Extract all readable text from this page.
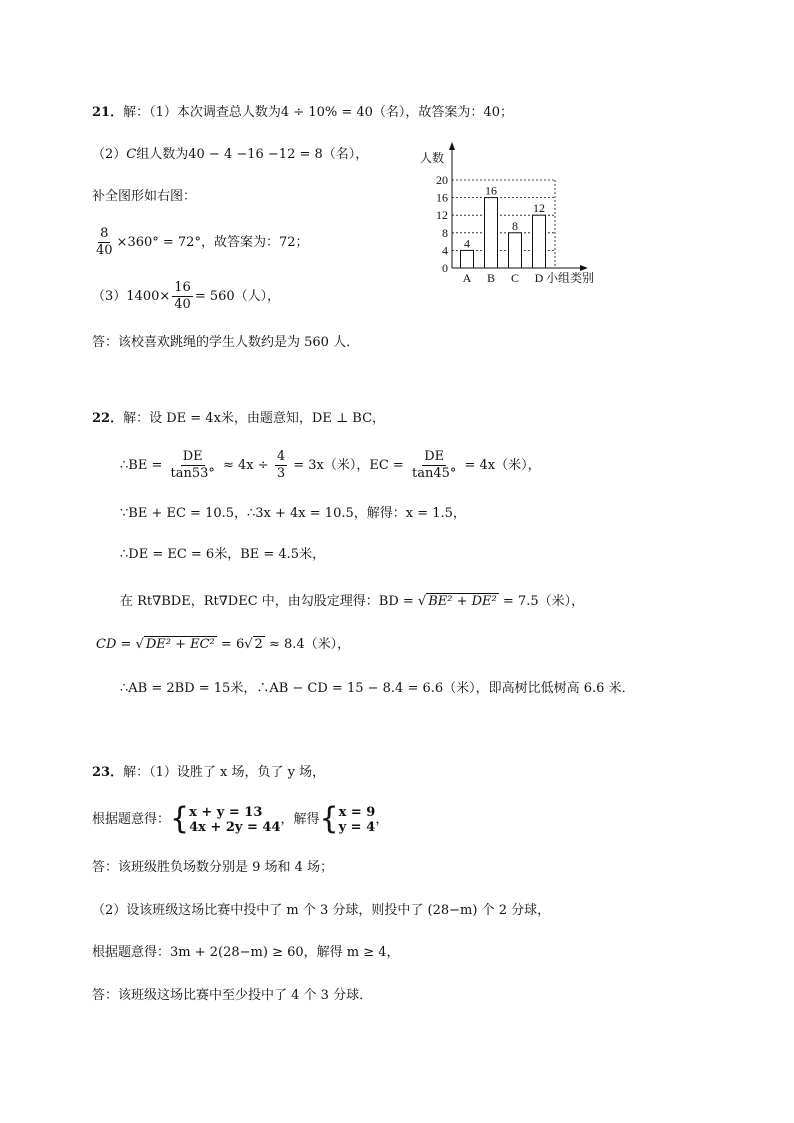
21．解：（1）本次调查总人数为4 ÷ 10% = 40（名），故答案为：40；
（2）C组人数为40 − 4 −16 −12 = 8（名），
补全图形如右图：
$\frac{8}{40} \times 360^\circ = 72^\circ$，故答案为：72；
$(3)1400\times \frac{16}{40} = 560$（人），
答：该校喜欢跳绳的学生人数约是为 560 人．
人数
小组类别
0
4
8
12
16
20
4
A
16
B
8
C
12
D
22．解：设 DE = 4x米，由题意知，DE ⊥ BC，
∴BE = $\frac{DE}{\tan 53^\circ} \approx 4x \div \frac{4}{3} = 3x$（米），EC = $\frac{DE}{\tan 45^\circ} = 4x$（米），
∵BE + EC = 10.5，∴3x + 4x = 10.5，解得：x = 1.5，
∴DE = EC = 6米，BE = 4.5米，
在 Rt∇BDE，Rt∇DEC 中，由勾股定理得：BD = √ BE² + DE² = 7.5（米），
CD = √ DE² + EC² = 6√ 2 ≈ 8.4（米），
∴AB = 2BD = 15米，∴AB − CD = 15 − 8.4 = 6.6（米），即高树比低树高 6.6 米．
23．解：（1）设胜了 x 场，负了 y 场，
根据题意得：{ x + y = 13
4x + 2y = 44 ，解得{ x = 9
y = 4 ，
答：该班级胜负场数分别是 9 场和 4 场；
（2）设该班级这场比赛中投中了 m 个 3 分球，则投中了 (28−m) 个 2 分球，
根据题意得：3m + 2(28−m) ≥ 60，解得 m ≥ 4，
答：该班级这场比赛中至少投中了 4 个 3 分球．
